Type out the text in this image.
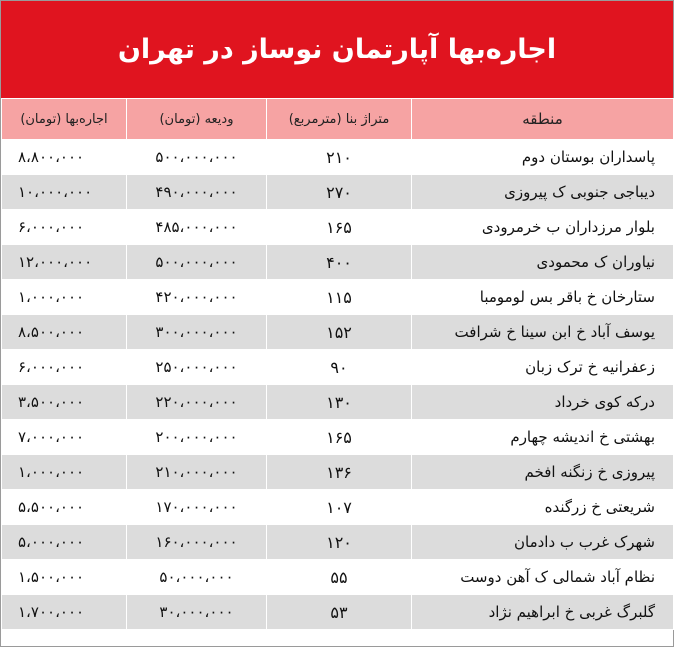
اجاره‌بها آپارتمان نوساز در تهران
منطقه	متراژ بنا (مترمربع)	ودیعه (تومان)	اجاره‌بها (تومان)
پاسداران بوستان دوم	۲۱۰	۵۰۰،۰۰۰،۰۰۰	۸،۸۰۰،۰۰۰
دیباجی جنوبی ک پیروزی	۲۷۰	۴۹۰،۰۰۰،۰۰۰	۱۰،۰۰۰،۰۰۰
بلوار مرزداران ب خرمرودی	۱۶۵	۴۸۵،۰۰۰،۰۰۰	۶،۰۰۰،۰۰۰
نیاوران ک محمودی	۴۰۰	۵۰۰،۰۰۰،۰۰۰	۱۲،۰۰۰،۰۰۰
ستارخان خ باقر بس لومومبا	۱۱۵	۴۲۰،۰۰۰،۰۰۰	۱،۰۰۰،۰۰۰
یوسف آباد خ ابن سینا خ شرافت	۱۵۲	۳۰۰،۰۰۰،۰۰۰	۸،۵۰۰،۰۰۰
زعفرانیه خ ترک زبان	۹۰	۲۵۰،۰۰۰،۰۰۰	۶،۰۰۰،۰۰۰
درکه کوی خرداد	۱۳۰	۲۲۰،۰۰۰،۰۰۰	۳،۵۰۰،۰۰۰
بهشتی خ اندیشه چهارم	۱۶۵	۲۰۰،۰۰۰،۰۰۰	۷،۰۰۰،۰۰۰
پیروزی خ زنگنه افخم	۱۳۶	۲۱۰،۰۰۰،۰۰۰	۱،۰۰۰،۰۰۰
شریعتی خ زرگنده	۱۰۷	۱۷۰،۰۰۰،۰۰۰	۵،۵۰۰،۰۰۰
شهرک غرب ب دادمان	۱۲۰	۱۶۰،۰۰۰،۰۰۰	۵،۰۰۰،۰۰۰
نظام آباد شمالی ک آهن دوست	۵۵	۵۰،۰۰۰،۰۰۰	۱،۵۰۰،۰۰۰
گلبرگ غربی خ ابراهیم نژاد	۵۳	۳۰،۰۰۰،۰۰۰	۱،۷۰۰،۰۰۰
